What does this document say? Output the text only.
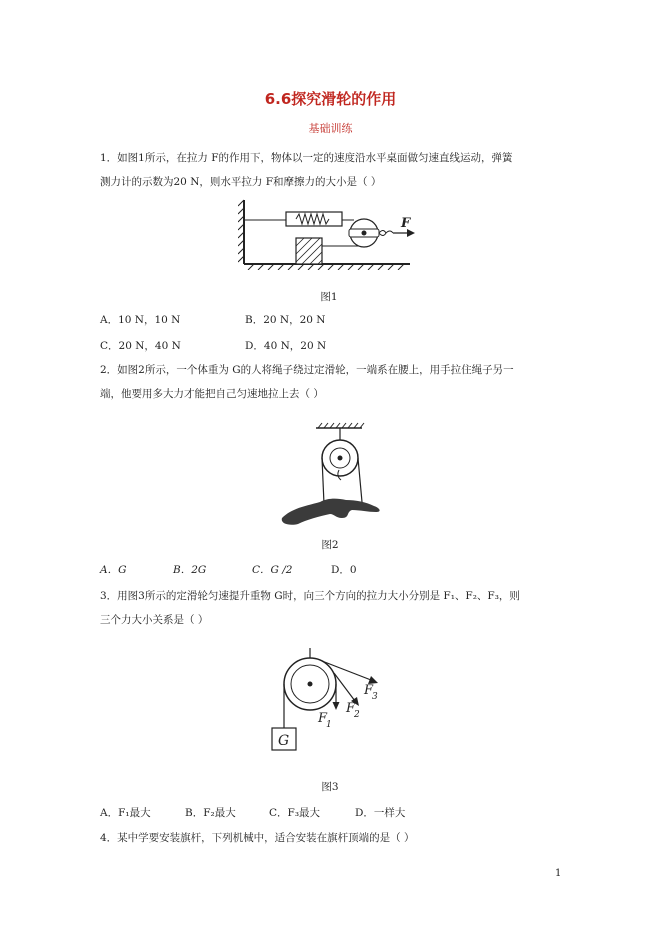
6.6探究滑轮的作用
基础训练
1．如图1所示，在拉力 F的作用下，物体以一定的速度沿水平桌面做匀速直线运动，弹簧
测力计的示数为20 N，则水平拉力 F和摩擦力的大小是（ ）
F
图1
A．10 N，10 N	B．20 N，20 N
C．20 N，40 N	D．40 N，20 N
2．如图2所示，一个体重为 G的人将绳子绕过定滑轮，一端系在腰上，用手拉住绳子另一
端，他要用多大力才能把自己匀速地拉上去（ ）
图2
A．G	B．2G	C．G /2	D．0
3．用图3所示的定滑轮匀速提升重物 G时，向三个方向的拉力大小分别是 F₁、F₂、F₃，则
三个力大小关系是（ ）
G
F
1
F
2
F
3
图3
A．F₁最大	B．F₂最大	C．F₃最大	D．一样大
4．某中学要安装旗杆，下列机械中，适合安装在旗杆顶端的是（ ）
1
